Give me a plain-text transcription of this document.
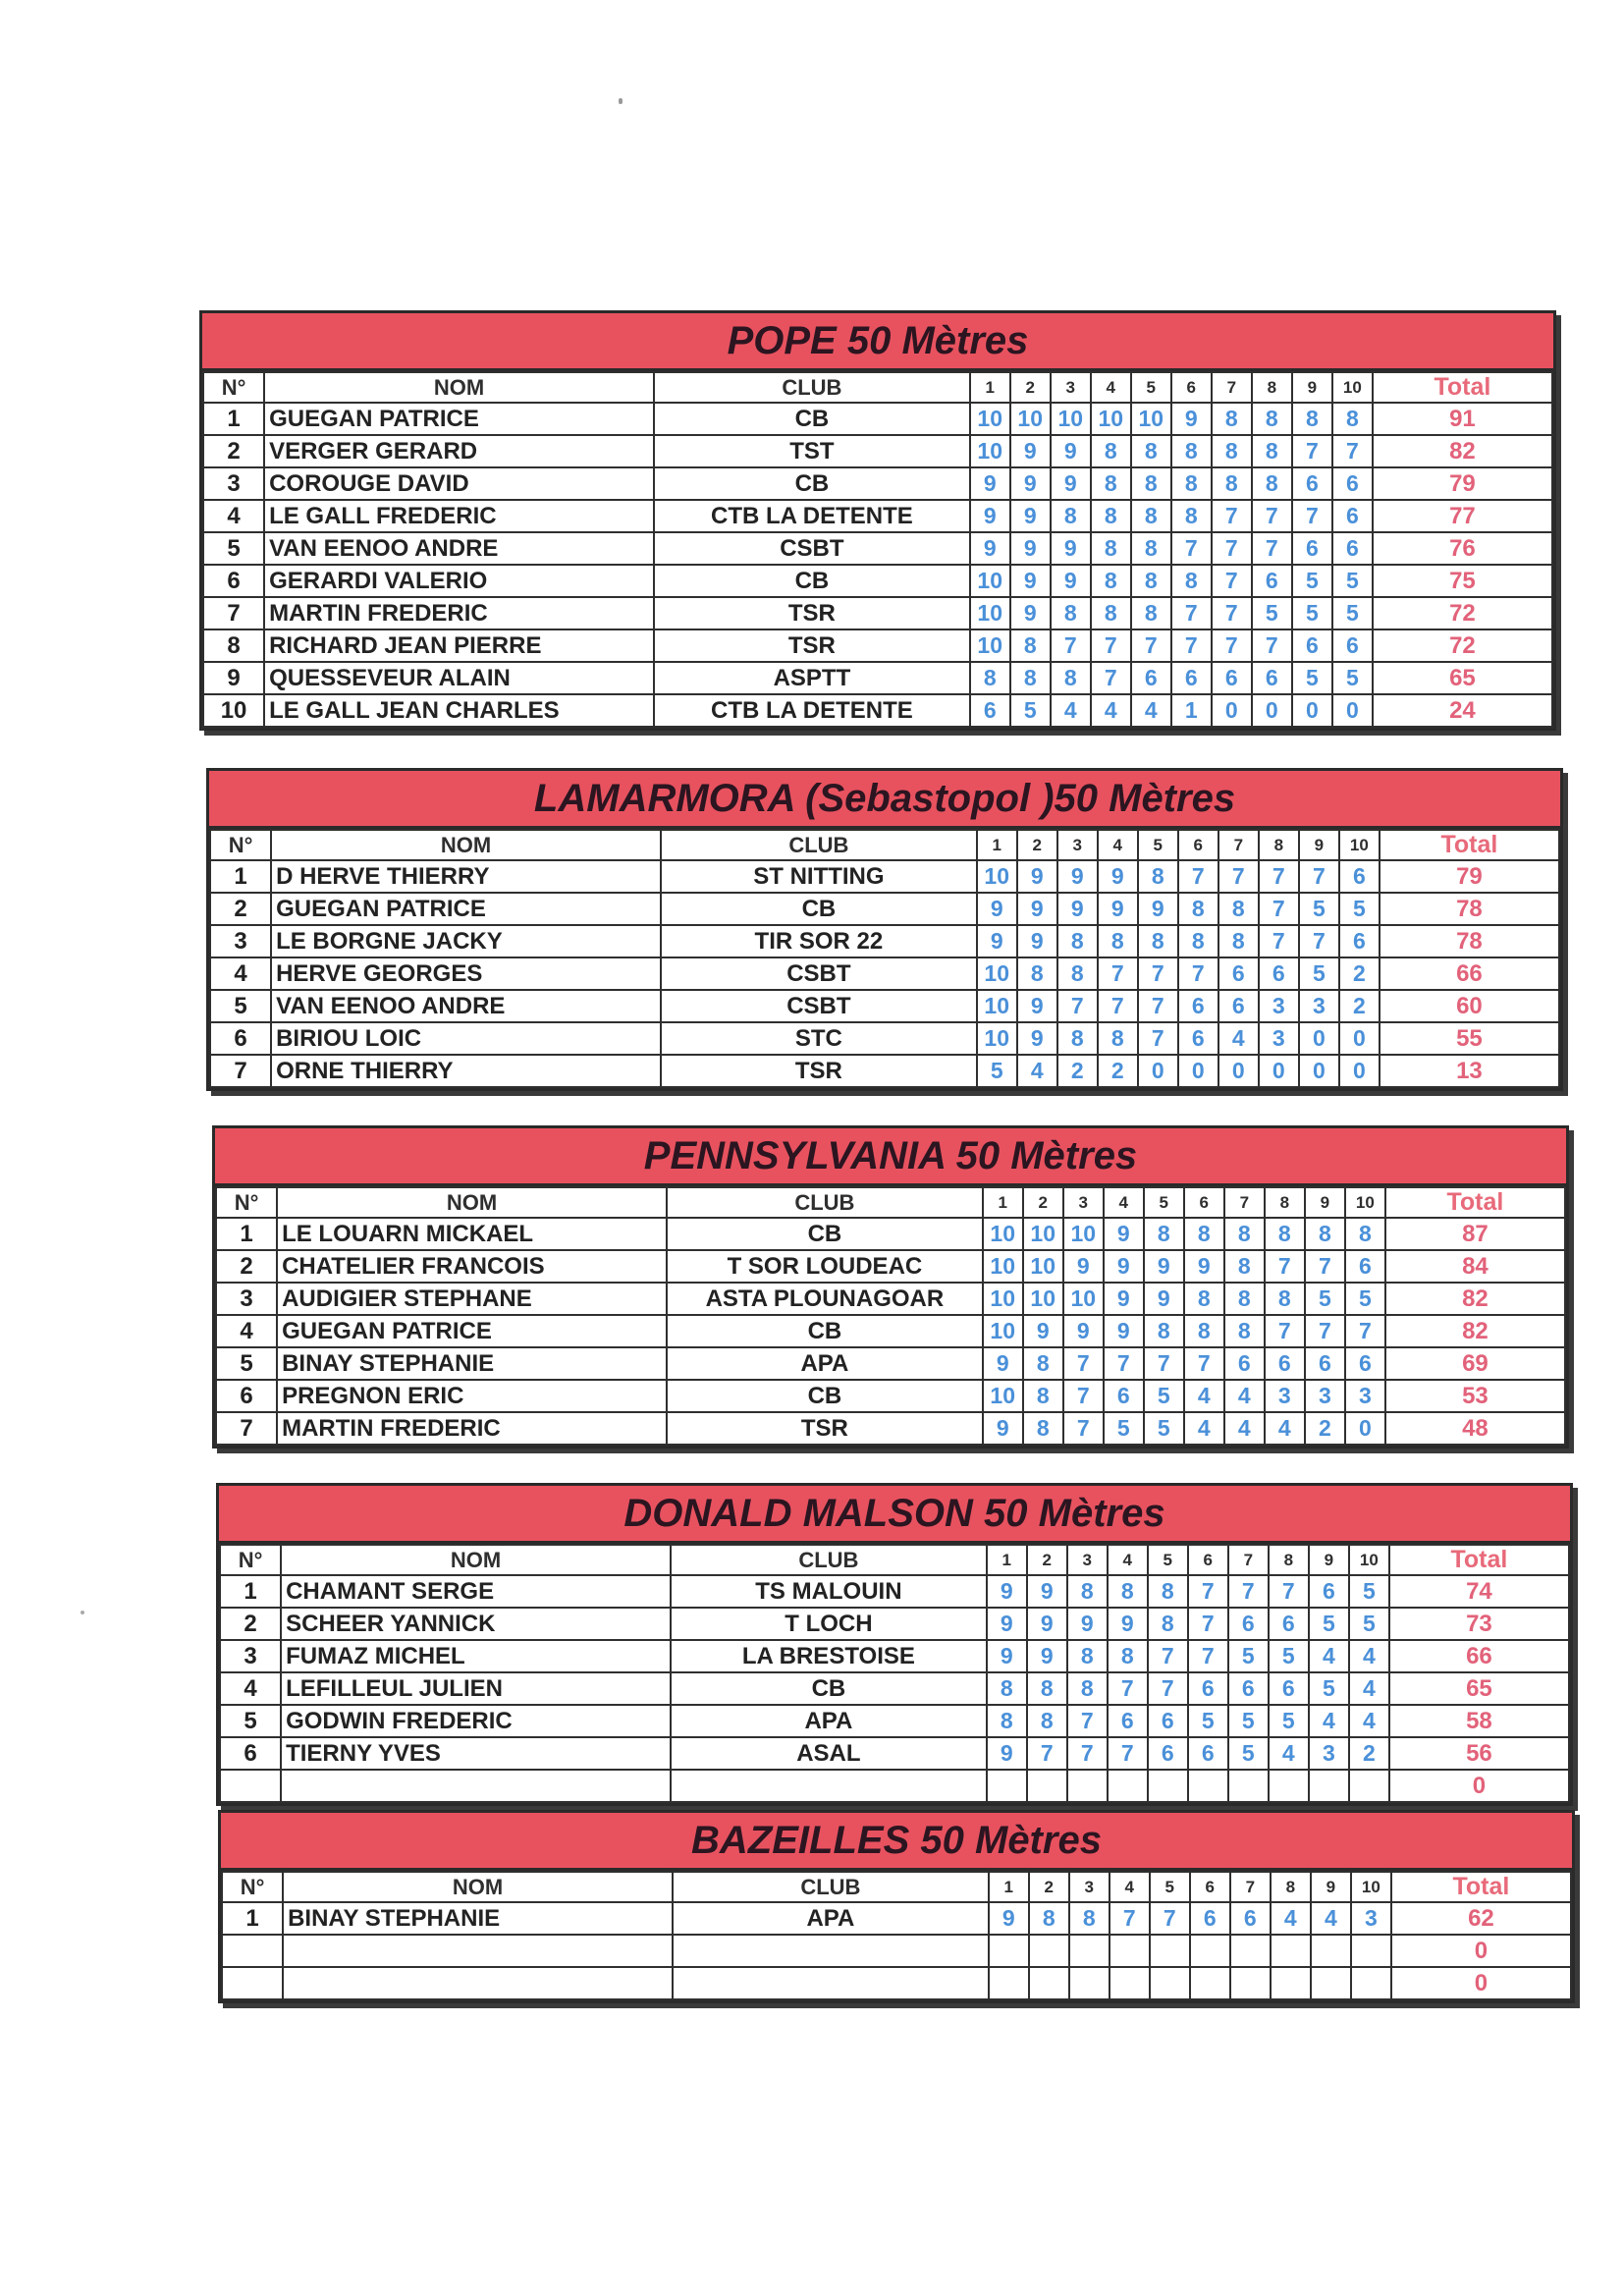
POPE 50 Mètres
N°	NOM	CLUB	1	2	3	4	5	6	7	8	9	10	Total
1	GUEGAN PATRICE	CB	10	10	10	10	10	9	8	8	8	8	91
2	VERGER GERARD	TST	10	9	9	8	8	8	8	8	7	7	82
3	COROUGE DAVID	CB	9	9	9	8	8	8	8	8	6	6	79
4	LE GALL FREDERIC	CTB LA DETENTE	9	9	8	8	8	8	7	7	7	6	77
5	VAN EENOO ANDRE	CSBT	9	9	9	8	8	7	7	7	6	6	76
6	GERARDI VALERIO	CB	10	9	9	8	8	8	7	6	5	5	75
7	MARTIN FREDERIC	TSR	10	9	8	8	8	7	7	5	5	5	72
8	RICHARD JEAN PIERRE	TSR	10	8	7	7	7	7	7	7	6	6	72
9	QUESSEVEUR ALAIN	ASPTT	8	8	8	7	6	6	6	6	5	5	65
10	LE GALL JEAN CHARLES	CTB LA DETENTE	6	5	4	4	4	1	0	0	0	0	24
LAMARMORA (Sebastopol )50 Mètres
N°	NOM	CLUB	1	2	3	4	5	6	7	8	9	10	Total
1	D HERVE THIERRY	ST NITTING	10	9	9	9	8	7	7	7	7	6	79
2	GUEGAN PATRICE	CB	9	9	9	9	9	8	8	7	5	5	78
3	LE BORGNE JACKY	TIR SOR 22	9	9	8	8	8	8	8	7	7	6	78
4	HERVE GEORGES	CSBT	10	8	8	7	7	7	6	6	5	2	66
5	VAN EENOO ANDRE	CSBT	10	9	7	7	7	6	6	3	3	2	60
6	BIRIOU LOIC	STC	10	9	8	8	7	6	4	3	0	0	55
7	ORNE THIERRY	TSR	5	4	2	2	0	0	0	0	0	0	13
PENNSYLVANIA 50 Mètres
N°	NOM	CLUB	1	2	3	4	5	6	7	8	9	10	Total
1	LE LOUARN MICKAEL	CB	10	10	10	9	8	8	8	8	8	8	87
2	CHATELIER FRANCOIS	T SOR LOUDEAC	10	10	9	9	9	9	8	7	7	6	84
3	AUDIGIER STEPHANE	ASTA PLOUNAGOAR	10	10	10	9	9	8	8	8	5	5	82
4	GUEGAN PATRICE	CB	10	9	9	9	8	8	8	7	7	7	82
5	BINAY STEPHANIE	APA	9	8	7	7	7	7	6	6	6	6	69
6	PREGNON ERIC	CB	10	8	7	6	5	4	4	3	3	3	53
7	MARTIN FREDERIC	TSR	9	8	7	5	5	4	4	4	2	0	48
DONALD MALSON 50 Mètres
N°	NOM	CLUB	1	2	3	4	5	6	7	8	9	10	Total
1	CHAMANT SERGE	TS MALOUIN	9	9	8	8	8	7	7	7	6	5	74
2	SCHEER YANNICK	T LOCH	9	9	9	9	8	7	6	6	5	5	73
3	FUMAZ MICHEL	LA BRESTOISE	9	9	8	8	7	7	5	5	4	4	66
4	LEFILLEUL JULIEN	CB	8	8	8	7	7	6	6	6	5	4	65
5	GODWIN FREDERIC	APA	8	8	7	6	6	5	5	5	4	4	58
6	TIERNY YVES	ASAL	9	7	7	7	6	6	5	4	3	2	56
													0
BAZEILLES 50 Mètres
N°	NOM	CLUB	1	2	3	4	5	6	7	8	9	10	Total
1	BINAY STEPHANIE	APA	9	8	8	7	7	6	6	4	4	3	62
													0
													0
